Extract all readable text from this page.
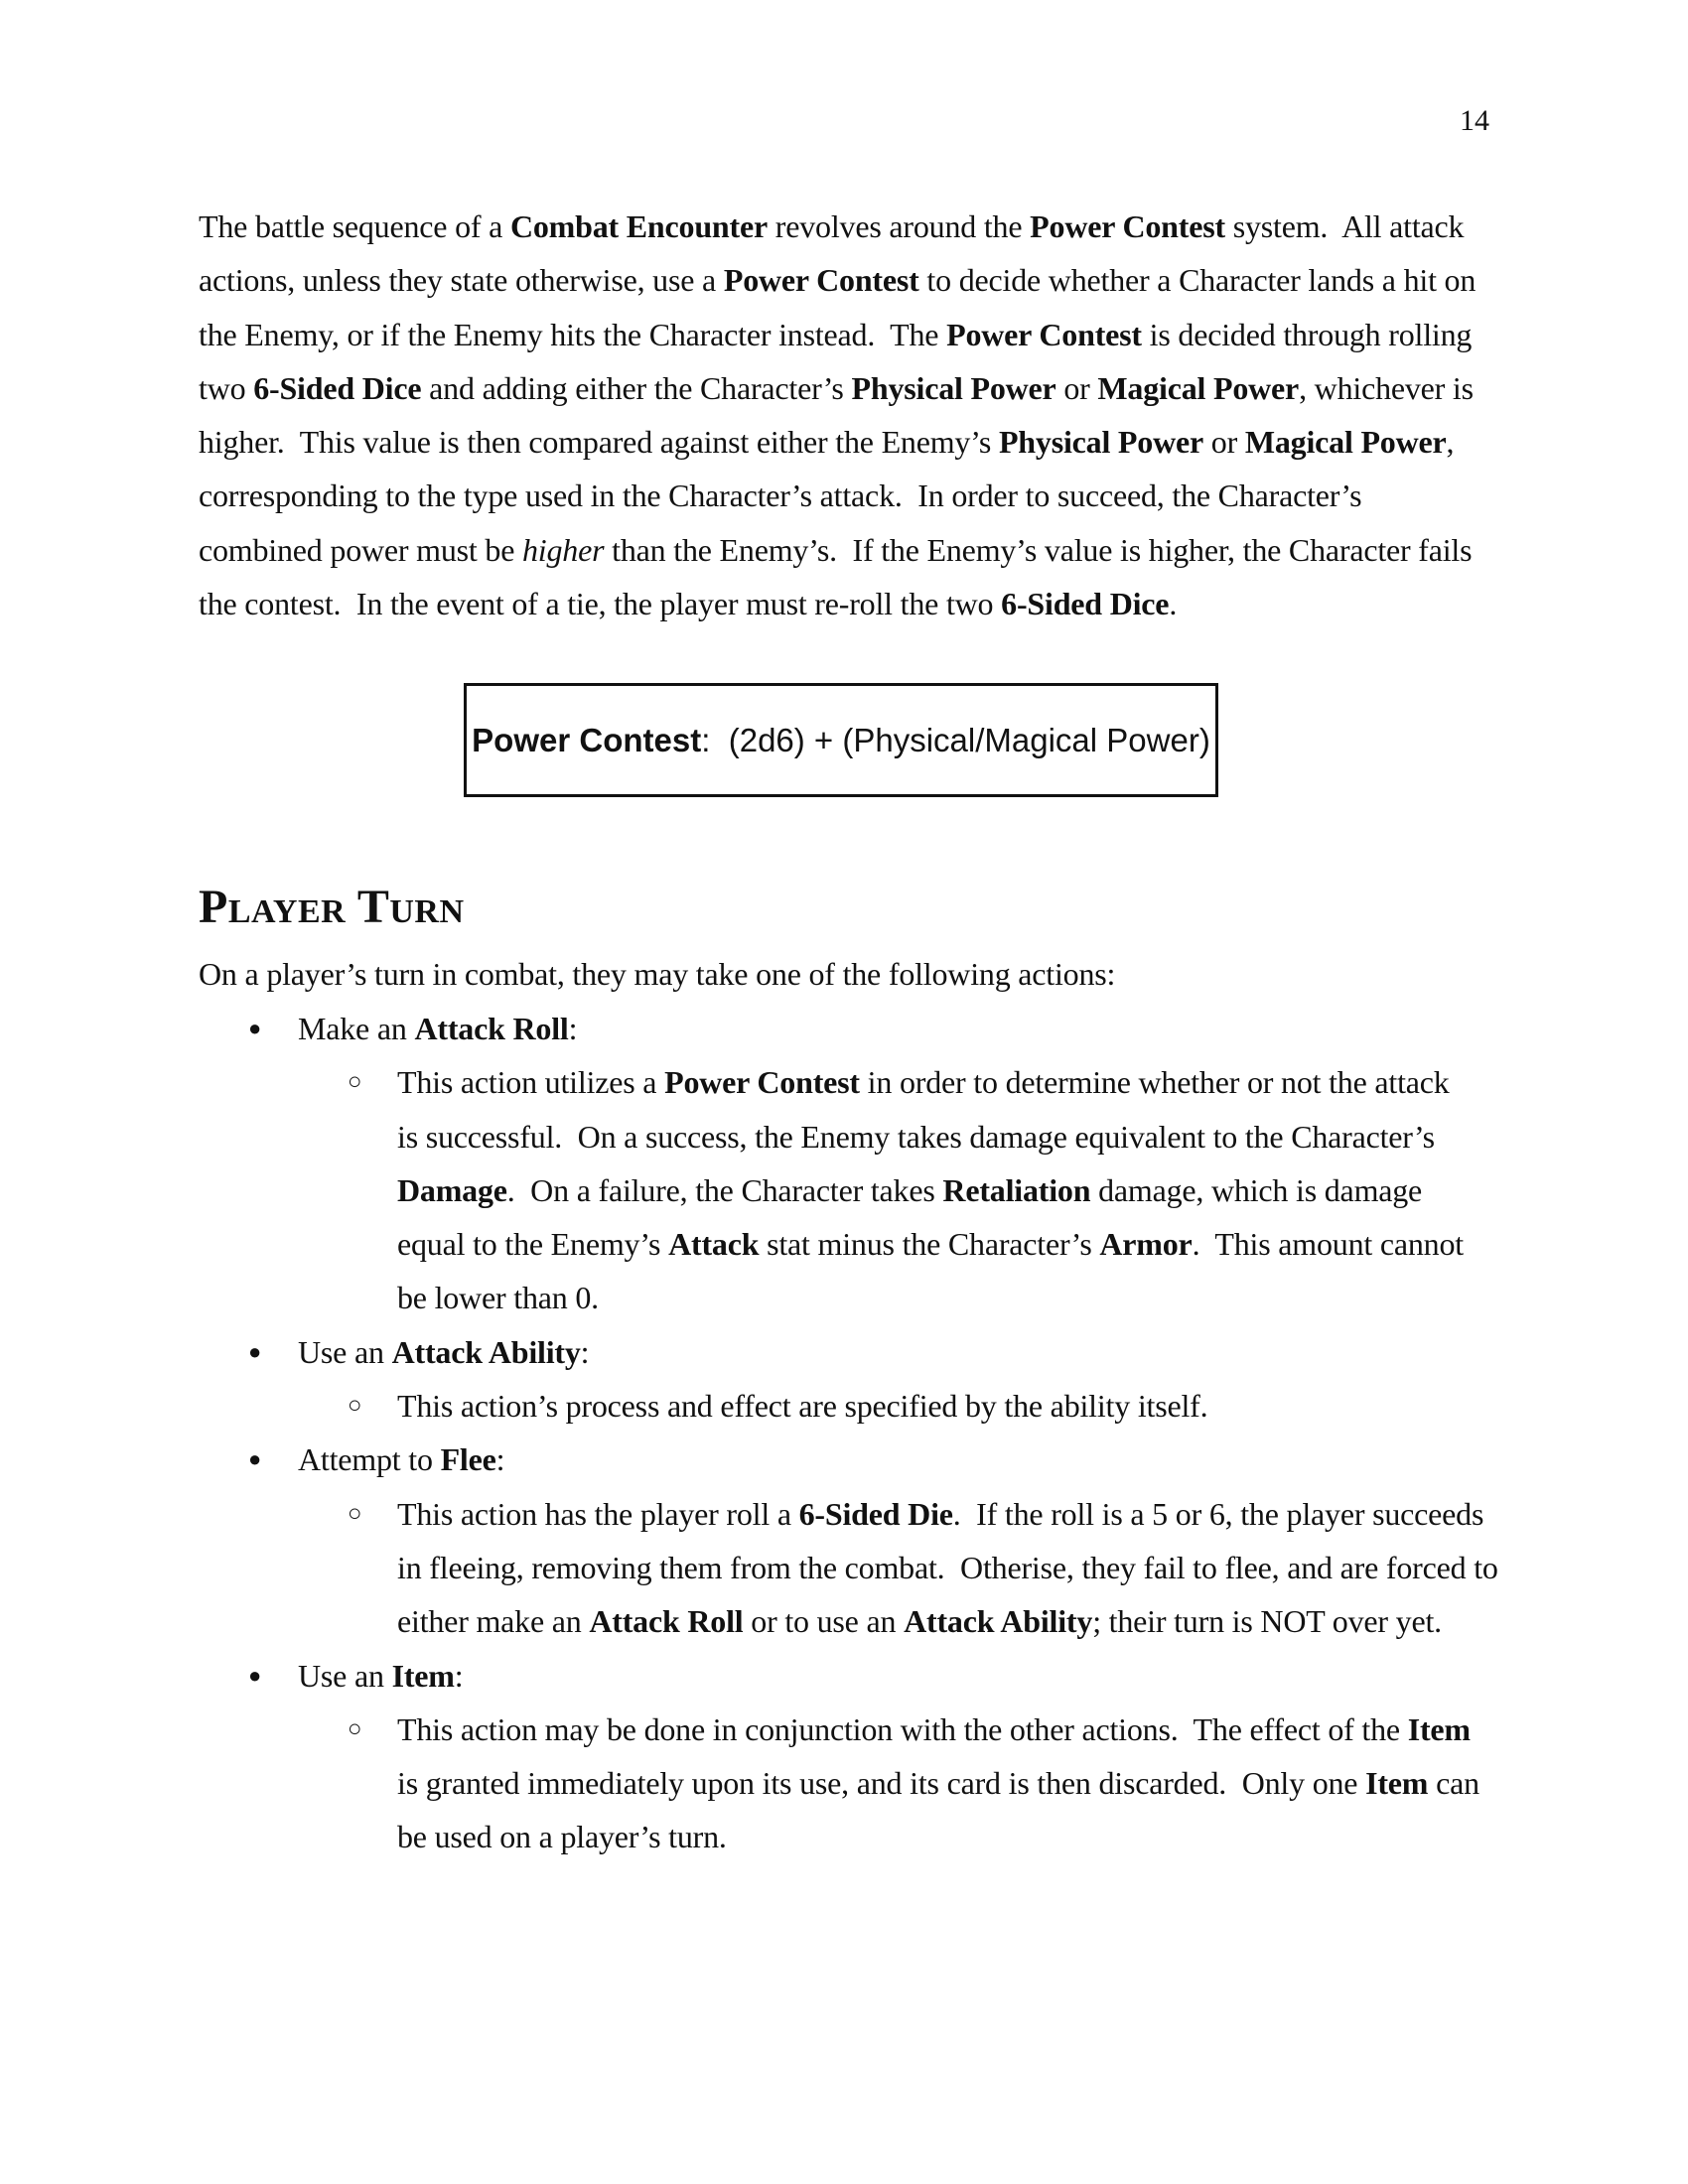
14

The battle sequence of a Combat Encounter revolves around the Power Contest system.  All attack
actions, unless they state otherwise, use a Power Contest to decide whether a Character lands a hit on
the Enemy, or if the Enemy hits the Character instead.  The Power Contest is decided through rolling
two 6-Sided Dice and adding either the Character’s Physical Power or Magical Power, whichever is
higher.  This value is then compared against either the Enemy’s Physical Power or Magical Power,
corresponding to the type used in the Character’s attack.  In order to succeed, the Character’s
combined power must be higher than the Enemy’s.  If the Enemy’s value is higher, the Character fails
the contest.  In the event of a tie, the player must re-roll the two 6-Sided Dice.

Power Contest :  (2d6) + (Physical/Magical Power)
Player Turn
On a player’s turn in combat, they may take one of the following actions:
● Make an Attack Roll:
○ This action utilizes a Power Contest in order to determine whether or not the attack
is successful.  On a success, the Enemy takes damage equivalent to the Character’s
Damage.  On a failure, the Character takes Retaliation damage, which is damage
equal to the Enemy’s Attack stat minus the Character’s Armor.  This amount cannot
be lower than 0.
● Use an Attack Ability:
○ This action’s process and effect are specified by the ability itself.
● Attempt to Flee:
○ This action has the player roll a 6-Sided Die.  If the roll is a 5 or 6, the player succeeds
in fleeing, removing them from the combat.  Otherise, they fail to flee, and are forced to
either make an Attack Roll or to use an Attack Ability; their turn is NOT over yet.
● Use an Item:
○ This action may be done in conjunction with the other actions.  The effect of the Item
is granted immediately upon its use, and its card is then discarded.  Only one Item can
be used on a player’s turn.
